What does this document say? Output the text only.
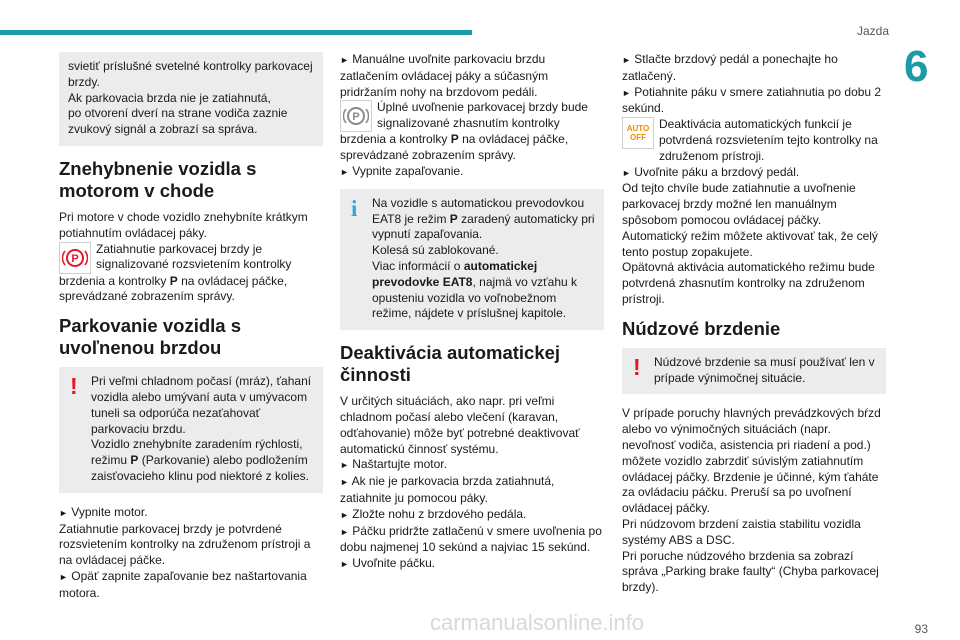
Jazda
6
svietiť príslušné svetelné kontrolky parkovacej
brzdy.
Ak parkovacia brzda nie je zatiahnutá,
po otvorení dverí na strane vodiča zaznie
zvukový signál a zobrazí sa správa.
Znehybnenie vozidla s motorom v chode

Pri motore v chode vozidlo znehybníte krátkym potiahnutím ovládacej páky.

P

Zatiahnutie parkovacej brzdy je signalizované rozsvietením kontrolky

brzdenia a kontrolky P na ovládacej páčke, sprevádzané zobrazením správy.

Parkovanie vozidla s uvoľnenou brzdou
! Pri veľmi chladnom počasí (mráz), ťahaní vozidla alebo umývaní auta v umývacom tuneli sa odporúča nezaťahovať parkovaciu brzdu.

Vozidlo znehybníte zaradením rýchlosti, režimu P (Parkovanie) alebo podložením zaisťovacieho klinu pod niektoré z kolies.

► Vypnite motor.

Zatiahnutie parkovacej brzdy je potvrdené rozsvietením kontrolky na združenom prístroji a na ovládacej páčke.

► Opäť zapnite zapaľovanie bez naštartovania motora.

► Manuálne uvoľnite parkovaciu brzdu zatlačením ovládacej páky a súčasným pridržaním nohy na brzdovom pedáli.

P

Úplné uvoľnenie parkovacej brzdy bude signalizované zhasnutím kontrolky

brzdenia a kontrolky P na ovládacej páčke, sprevádzané zobrazením správy.

► Vypnite zapaľovanie.

i Na vozidle s automatickou prevodovkou EAT8 je režim P zaradený automaticky pri vypnutí zapaľovania.

Kolesá sú zablokované.

Viac informácií o automatickej prevodovke EAT8, najmä vo vzťahu k opusteniu vozidla vo voľnobežnom režime, nájdete v príslušnej kapitole.

Deaktivácia automatickej činnosti

V určitých situáciách, ako napr. pri veľmi chladnom počasí alebo vlečení (karavan, odťahovanie) môže byť potrebné deaktivovať automatickú činnosť systému.

► Naštartujte motor.

► Ak nie je parkovacia brzda zatiahnutá, zatiahnite ju pomocou páky.

► Zložte nohu z brzdového pedála.

► Páčku pridržte zatlačenú v smere uvoľnenia po dobu najmenej 10 sekúnd a najviac 15 sekúnd.

► Uvoľnite páčku.

► Stlačte brzdový pedál a ponechajte ho zatlačený.

► Potiahnite páku v smere zatiahnutia po dobu 2 sekúnd.

AUTO
OFF

Deaktivácia automatických funkcií je potvrdená rozsvietením tejto kontrolky na združenom prístroji.

► Uvoľnite páku a brzdový pedál.

Od tejto chvíle bude zatiahnutie a uvoľnenie parkovacej brzdy možné len manuálnym spôsobom pomocou ovládacej páčky.

Automatický režim môžete aktivovať tak, že celý tento postup zopakujete.

Opätovná aktivácia automatického režimu bude potvrdená zhasnutím kontrolky na združenom prístroji.

Núdzové brzdenie
! Núdzové brzdenie sa musí používať len v prípade výnimočnej situácie.

V prípade poruchy hlavných prevádzkových bŕzd alebo vo výnimočných situáciách (napr. nevoľnosť vodiča, asistencia pri riadení a pod.) môžete vozidlo zabrzdiť súvislým zatiahnutím ovládacej páčky. Brzdenie je účinné, kým ťaháte za ovládaciu páčku. Preruší sa po uvoľnení ovládacej páčky.

Pri núdzovom brzdení zaistia stabilitu vozidla systémy ABS a DSC.

Pri poruche núdzového brzdenia sa zobrazí správa „Parking brake faulty“ (Chyba parkovacej brzdy).

carmanualsonline.info	93
